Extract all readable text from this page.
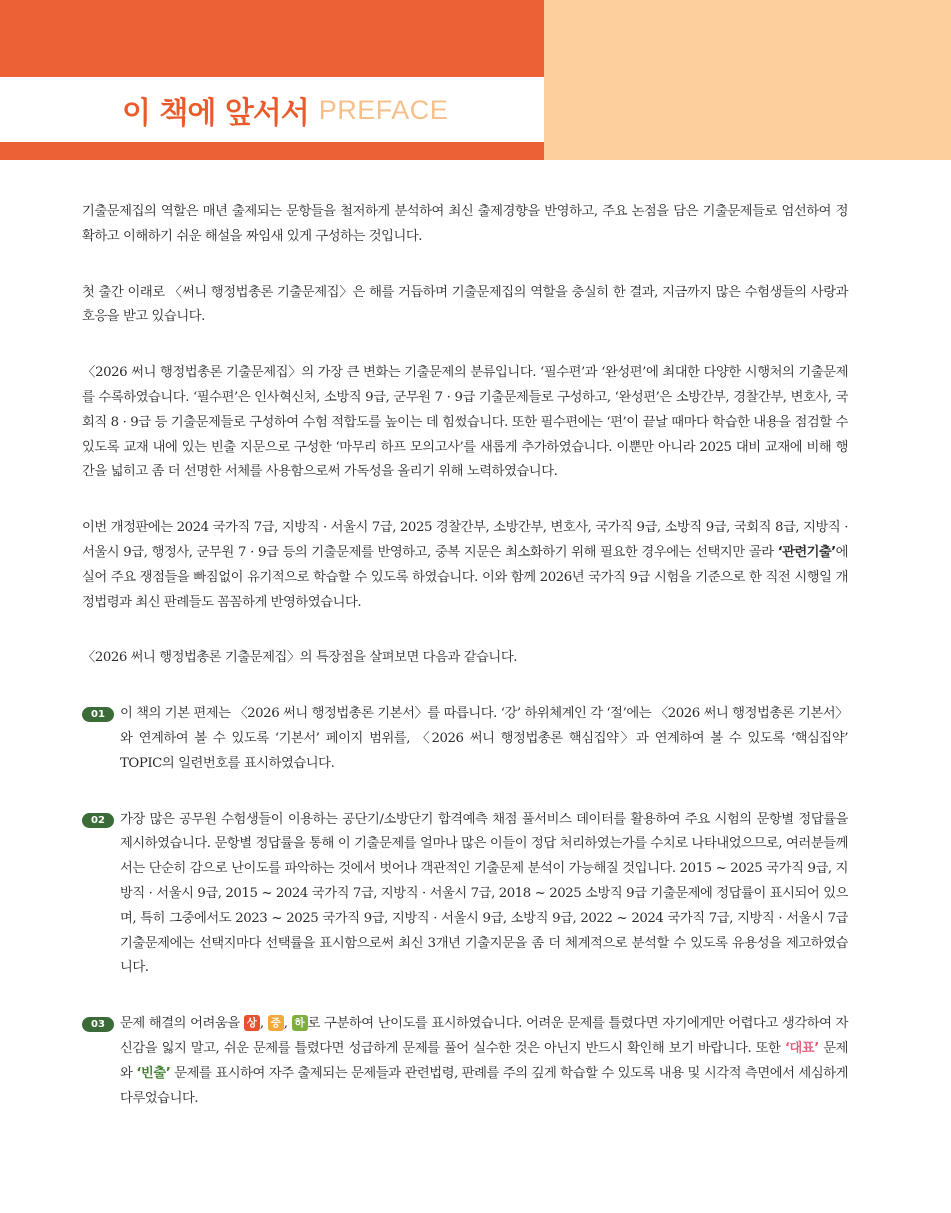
이 책에 앞서서 PREFACE

기출문제집의 역할은 매년 출제되는 문항들을 철저하게 분석하여 최신 출제경향을 반영하고, 주요 논점을 담은 기출문제들로 엄선하여 정확하고 이해하기 쉬운 해설을 짜임새 있게 구성하는 것입니다.

첫 출간 이래로 〈써니 행정법총론 기출문제집〉은 해를 거듭하며 기출문제집의 역할을 충실히 한 결과, 지금까지 많은 수험생들의 사랑과 호응을 받고 있습니다.

〈2026 써니 행정법총론 기출문제집〉의 가장 큰 변화는 기출문제의 분류입니다. ‘필수편’과 ‘완성편’에 최대한 다양한 시행처의 기출문제를 수록하였습니다. ‘필수편’은 인사혁신처, 소방직 9급, 군무원 7 · 9급 기출문제들로 구성하고, ‘완성편’은 소방간부, 경찰간부, 변호사, 국회직 8 · 9급 등 기출문제들로 구성하여 수험 적합도를 높이는 데 힘썼습니다. 또한 필수편에는 ‘편’이 끝날 때마다 학습한 내용을 점검할 수 있도록 교재 내에 있는 빈출 지문으로 구성한 ‘마무리 하프 모의고사’를 새롭게 추가하였습니다. 이뿐만 아니라 2025 대비 교재에 비해 행간을 넓히고 좀 더 선명한 서체를 사용함으로써 가독성을 올리기 위해 노력하였습니다.

이번 개정판에는 2024 국가직 7급, 지방직 · 서울시 7급, 2025 경찰간부, 소방간부, 변호사, 국가직 9급, 소방직 9급, 국회직 8급, 지방직 · 서울시 9급, 행정사, 군무원 7 · 9급 등의 기출문제를 반영하고, 중복 지문은 최소화하기 위해 필요한 경우에는 선택지만 골라 ‘관련기출’에 실어 주요 쟁점들을 빠짐없이 유기적으로 학습할 수 있도록 하였습니다. 이와 함께 2026년 국가직 9급 시험을 기준으로 한 직전 시행일 개정법령과 최신 판례들도 꼼꼼하게 반영하였습니다.

〈2026 써니 행정법총론 기출문제집〉의 특장점을 살펴보면 다음과 같습니다.

01	이 책의 기본 편제는 〈2026 써니 행정법총론 기본서〉를 따릅니다. ‘강’ 하위체계인 각 ‘절’에는 〈2026 써니 행정법총론 기본서〉와 연계하여 볼 수 있도록 ‘기본서’ 페이지 범위를, 〈2026 써니 행정법총론 핵심집약〉과 연계하여 볼 수 있도록 ‘핵심집약’ TOPIC의 일련번호를 표시하였습니다.
02	가장 많은 공무원 수험생들이 이용하는 공단기/소방단기 합격예측 채점 풀서비스 데이터를 활용하여 주요 시험의 문항별 정답률을 제시하였습니다. 문항별 정답률을 통해 이 기출문제를 얼마나 많은 이들이 정답 처리하였는가를 수치로 나타내었으므로, 여러분들께서는 단순히 감으로 난이도를 파악하는 것에서 벗어나 객관적인 기출문제 분석이 가능해질 것입니다. 2015 ~ 2025 국가직 9급, 지방직 · 서울시 9급, 2015 ~ 2024 국가직 7급, 지방직 · 서울시 7급, 2018 ~ 2025 소방직 9급 기출문제에 정답률이 표시되어 있으며, 특히 그중에서도 2023 ~ 2025 국가직 9급, 지방직 · 서울시 9급, 소방직 9급, 2022 ~ 2024 국가직 7급, 지방직 · 서울시 7급 기출문제에는 선택지마다 선택률을 표시함으로써 최신 3개년 기출지문을 좀 더 체계적으로 분석할 수 있도록 유용성을 제고하였습니다.
03	문제 해결의 어려움을 상 , 중 , 하 로 구분하여 난이도를 표시하였습니다. 어려운 문제를 틀렸다면 자기에게만 어렵다고 생각하여 자신감을 잃지 말고, 쉬운 문제를 틀렸다면 성급하게 문제를 풀어 실수한 것은 아닌지 반드시 확인해 보기 바랍니다. 또한 ‘대표’ 문제와 ‘빈출’ 문제를 표시하여 자주 출제되는 문제들과 관련법령, 판례를 주의 깊게 학습할 수 있도록 내용 및 시각적 측면에서 세심하게 다루었습니다.
